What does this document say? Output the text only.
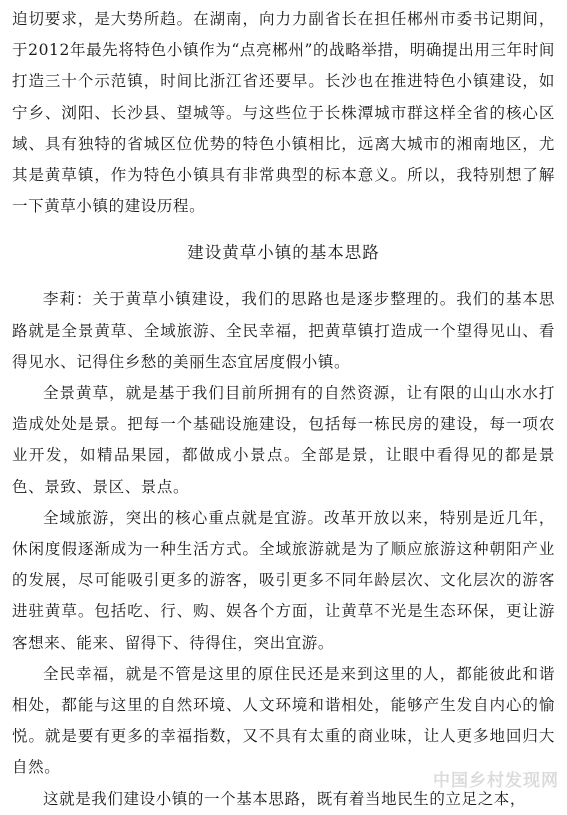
迫切要求，是大势所趋。在湖南，向力力副省长在担任郴州市委书记期间，于2012年最先将特色小镇作为“点亮郴州”的战略举措，明确提出用三年时间打造三十个示范镇，时间比浙江省还要早。长沙也在推进特色小镇建设，如宁乡、浏阳、长沙县、望城等。与这些位于长株潭城市群这样全省的核心区域、具有独特的省城区位优势的特色小镇相比，远离大城市的湘南地区，尤其是黄草镇，作为特色小镇具有非常典型的标本意义。所以，我特别想了解一下黄草小镇的建设历程。

建设黄草小镇的基本思路

李莉：关于黄草小镇建设，我们的思路也是逐步整理的。我们的基本思路就是全景黄草、全域旅游、全民幸福，把黄草镇打造成一个望得见山、看得见水、记得住乡愁的美丽生态宜居度假小镇。

全景黄草，就是基于我们目前所拥有的自然资源，让有限的山山水水打造成处处是景。把每一个基础设施建设，包括每一栋民房的建设，每一项农业开发，如精品果园，都做成小景点。全部是景，让眼中看得见的都是景色、景致、景区、景点。

全域旅游，突出的核心重点就是宜游。改革开放以来，特别是近几年，休闲度假逐渐成为一种生活方式。全域旅游就是为了顺应旅游这种朝阳产业的发展，尽可能吸引更多的游客，吸引更多不同年龄层次、文化层次的游客进驻黄草。包括吃、行、购、娱各个方面，让黄草不光是生态环保，更让游客想来、能来、留得下、待得住，突出宜游。

全民幸福，就是不管是这里的原住民还是来到这里的人，都能彼此和谐相处，都能与这里的自然环境、人文环境和谐相处，能够产生发自内心的愉悦。就是要有更多的幸福指数，又不具有太重的商业味，让人更多地回归大自然。

这就是我们建设小镇的一个基本思路，既有着当地民生的立足之本，

中国乡村发现网
